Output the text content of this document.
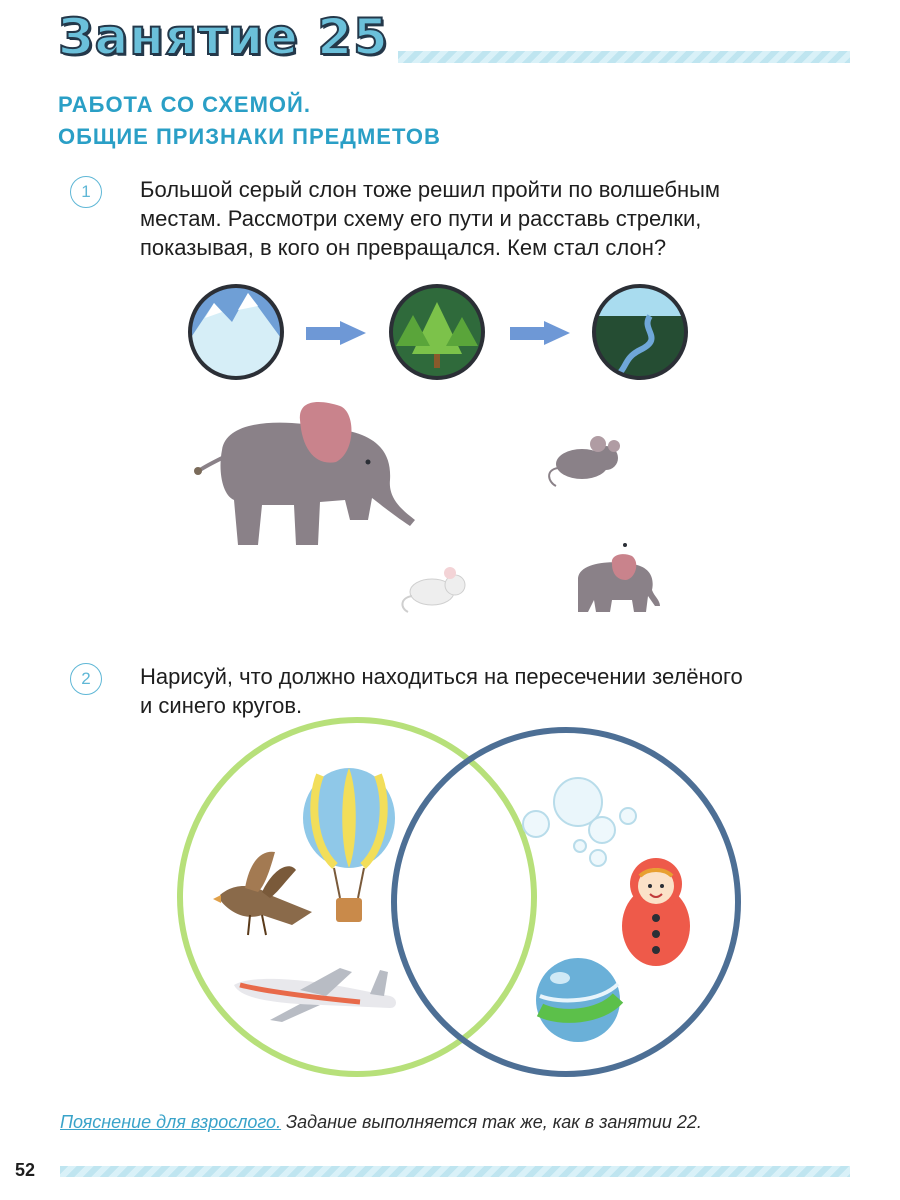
Занятие 25

РАБОТА СО СХЕМОЙ.

ОБЩИЕ ПРИЗНАКИ ПРЕДМЕТОВ

1	Большой серый слон тоже решил пройти по волшебным

местам. Рассмотри схему его пути и расставь стрелки,

показывая, в кого он превращался. Кем стал слон?

2	Нарисуй, что должно находиться на пересечении зелёного

и синего кругов.

Пояснение для взрослого. Задание выполняется так же, как в занятии 22.
52
